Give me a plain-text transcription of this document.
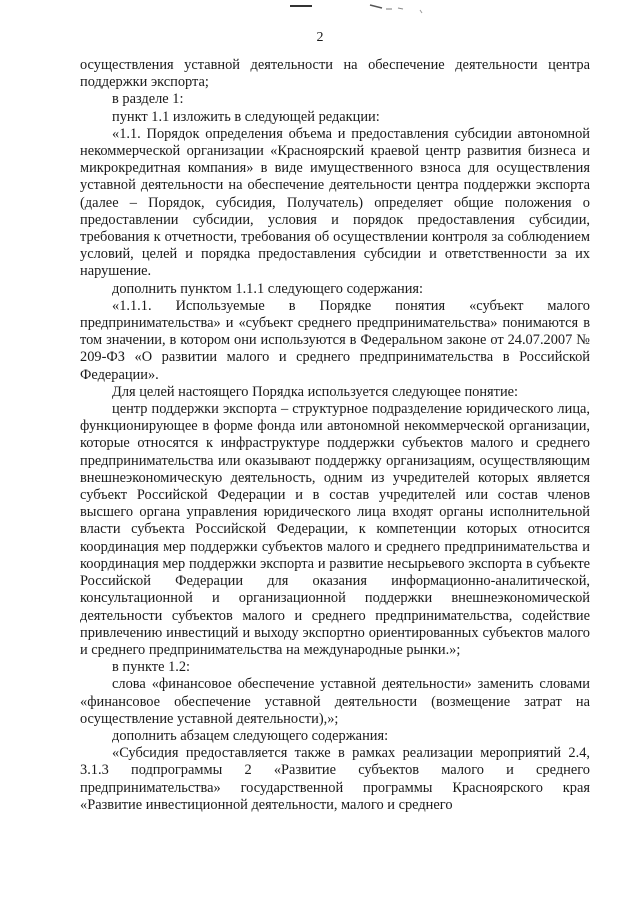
2

осуществления уставной деятельности на обеспечение деятельности центра поддержки экспорта;

в разделе 1:

пункт 1.1 изложить в следующей редакции:

«1.1. Порядок определения объема и предоставления субсидии автономной некоммерческой организации «Красноярский краевой центр развития бизнеса и микрокредитная компания» в виде имущественного взноса для осуществления уставной деятельности на обеспечение деятельности центра поддержки экспорта (далее – Порядок, субсидия, Получатель) определяет общие положения о предоставлении субсидии, условия и порядок предоставления субсидии, требования к отчетности, требования об осуществлении контроля за соблюдением условий, целей и порядка предоставления субсидии и ответственности за их нарушение.

дополнить пунктом 1.1.1 следующего содержания:

«1.1.1. Используемые в Порядке понятия «субъект малого предпринимательства» и «субъект среднего предпринимательства» понимаются в том значении, в котором они используются в Федеральном законе от 24.07.2007 № 209-ФЗ «О развитии малого и среднего предпринимательства в Российской Федерации».

Для целей настоящего Порядка используется следующее понятие:

центр поддержки экспорта – структурное подразделение юридического лица, функционирующее в форме фонда или автономной некоммерческой организации, которые относятся к инфраструктуре поддержки субъектов малого и среднего предпринимательства или оказывают поддержку организациям, осуществляющим внешнеэкономическую деятельность, одним из учредителей которых является субъект Российской Федерации и в состав учредителей или состав членов высшего органа управления юридического лица входят органы исполнительной власти субъекта Российской Федерации, к компетенции которых относится координация мер поддержки субъектов малого и среднего предпринимательства и координация мер поддержки экспорта и развитие несырьевого экспорта в субъекте Российской Федерации для оказания информационно-аналитической, консультационной и организационной поддержки внешнеэкономической деятельности субъектов малого и среднего предпринимательства, содействие привлечению инвестиций и выходу экспортно ориентированных субъектов малого и среднего предпринимательства на международные рынки.»;

в пункте 1.2:

слова «финансовое обеспечение уставной деятельности» заменить словами «финансовое обеспечение уставной деятельности (возмещение затрат на осуществление уставной деятельности),»;

дополнить абзацем следующего содержания:

«Субсидия предоставляется также в рамках реализации мероприятий 2.4, 3.1.3 подпрограммы 2 «Развитие субъектов малого и среднего предпринимательства» государственной программы Красноярского края «Развитие инвестиционной деятельности, малого и среднего
